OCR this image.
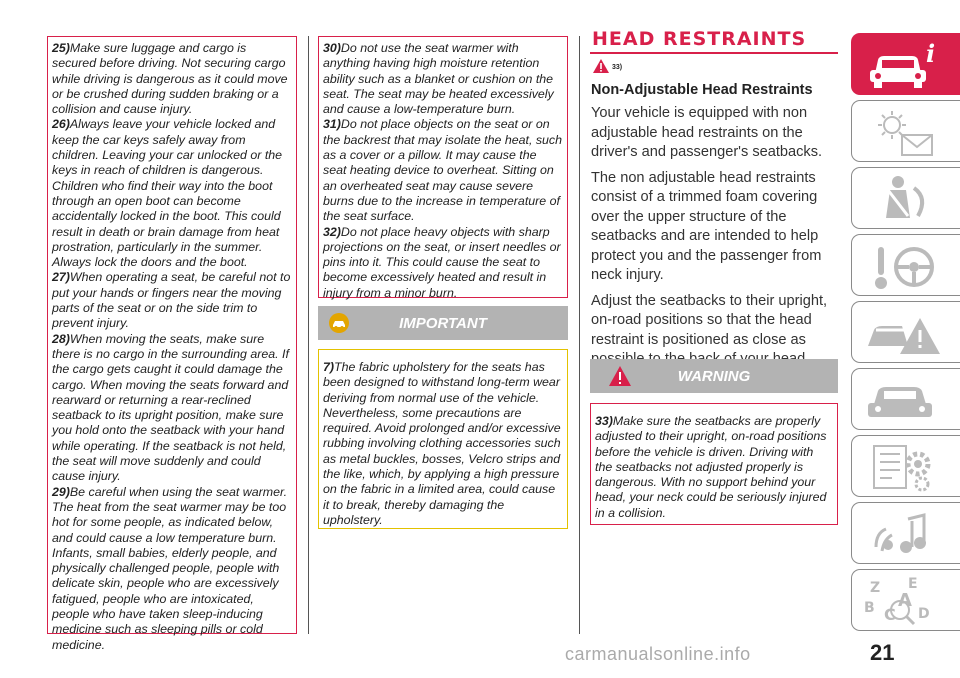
25)Make sure luggage and cargo is secured before driving. Not securing cargo while driving is dangerous as it could move or be crushed during sudden braking or a collision and cause injury.

26)Always leave your vehicle locked and keep the car keys safely away from children. Leaving your car unlocked or the keys in reach of children is dangerous. Children who find their way into the boot through an open boot can become accidentally locked in the boot. This could result in death or brain damage from heat prostration, particularly in the summer. Always lock the doors and the boot.

27)When operating a seat, be careful not to put your hands or fingers near the moving parts of the seat or on the side trim to prevent injury.

28)When moving the seats, make sure there is no cargo in the surrounding area. If the cargo gets caught it could damage the cargo. When moving the seats forward and rearward or returning a rear-reclined seatback to its upright position, make sure you hold onto the seatback with your hand while operating. If the seatback is not held, the seat will move suddenly and could cause injury.

29)Be careful when using the seat warmer. The heat from the seat warmer may be too hot for some people, as indicated below, and could cause a low temperature burn. Infants, small babies, elderly people, and physically challenged people, people with delicate skin, people who are excessively fatigued, people who are intoxicated, people who have taken sleep-inducing medicine such as sleeping pills or cold medicine.

30)Do not use the seat warmer with anything having high moisture retention ability such as a blanket or cushion on the seat. The seat may be heated excessively and cause a low-temperature burn.

31)Do not place objects on the seat or on the backrest that may isolate the heat, such as a cover or a pillow. It may cause the seat heating device to overheat. Sitting on an overheated seat may cause severe burns due to the increase in temperature of the seat surface.

32)Do not place heavy objects with sharp projections on the seat, or insert needles or pins into it. This could cause the seat to become excessively heated and result in injury from a minor burn.

IMPORTANT

7)The fabric upholstery for the seats has been designed to withstand long-term wear deriving from normal use of the vehicle. Nevertheless, some precautions are required. Avoid prolonged and/or excessive rubbing involving clothing accessories such as metal buckles, bosses, Velcro strips and the like, which, by applying a high pressure on the fabric in a limited area, could cause it to break, thereby damaging the upholstery.

HEAD RESTRAINTS
33)
Non-Adjustable Head Restraints

Your vehicle is equipped with non adjustable head restraints on the driver's and passenger's seatbacks.

The non adjustable head restraints consist of a trimmed foam covering over the upper structure of the seatbacks and are intended to help protect you and the passenger from neck injury.

Adjust the seatbacks to their upright, on-road positions so that the head restraint is positioned as close as

WARNING

33)Make sure the seatbacks are properly adjusted to their upright, on-road positions before the vehicle is driven. Driving with the seatbacks not adjusted properly is dangerous. With no support behind your head, your neck could be seriously injured in a collision.

i
Z E
B C
A
D
carmanualsonline.info	21
